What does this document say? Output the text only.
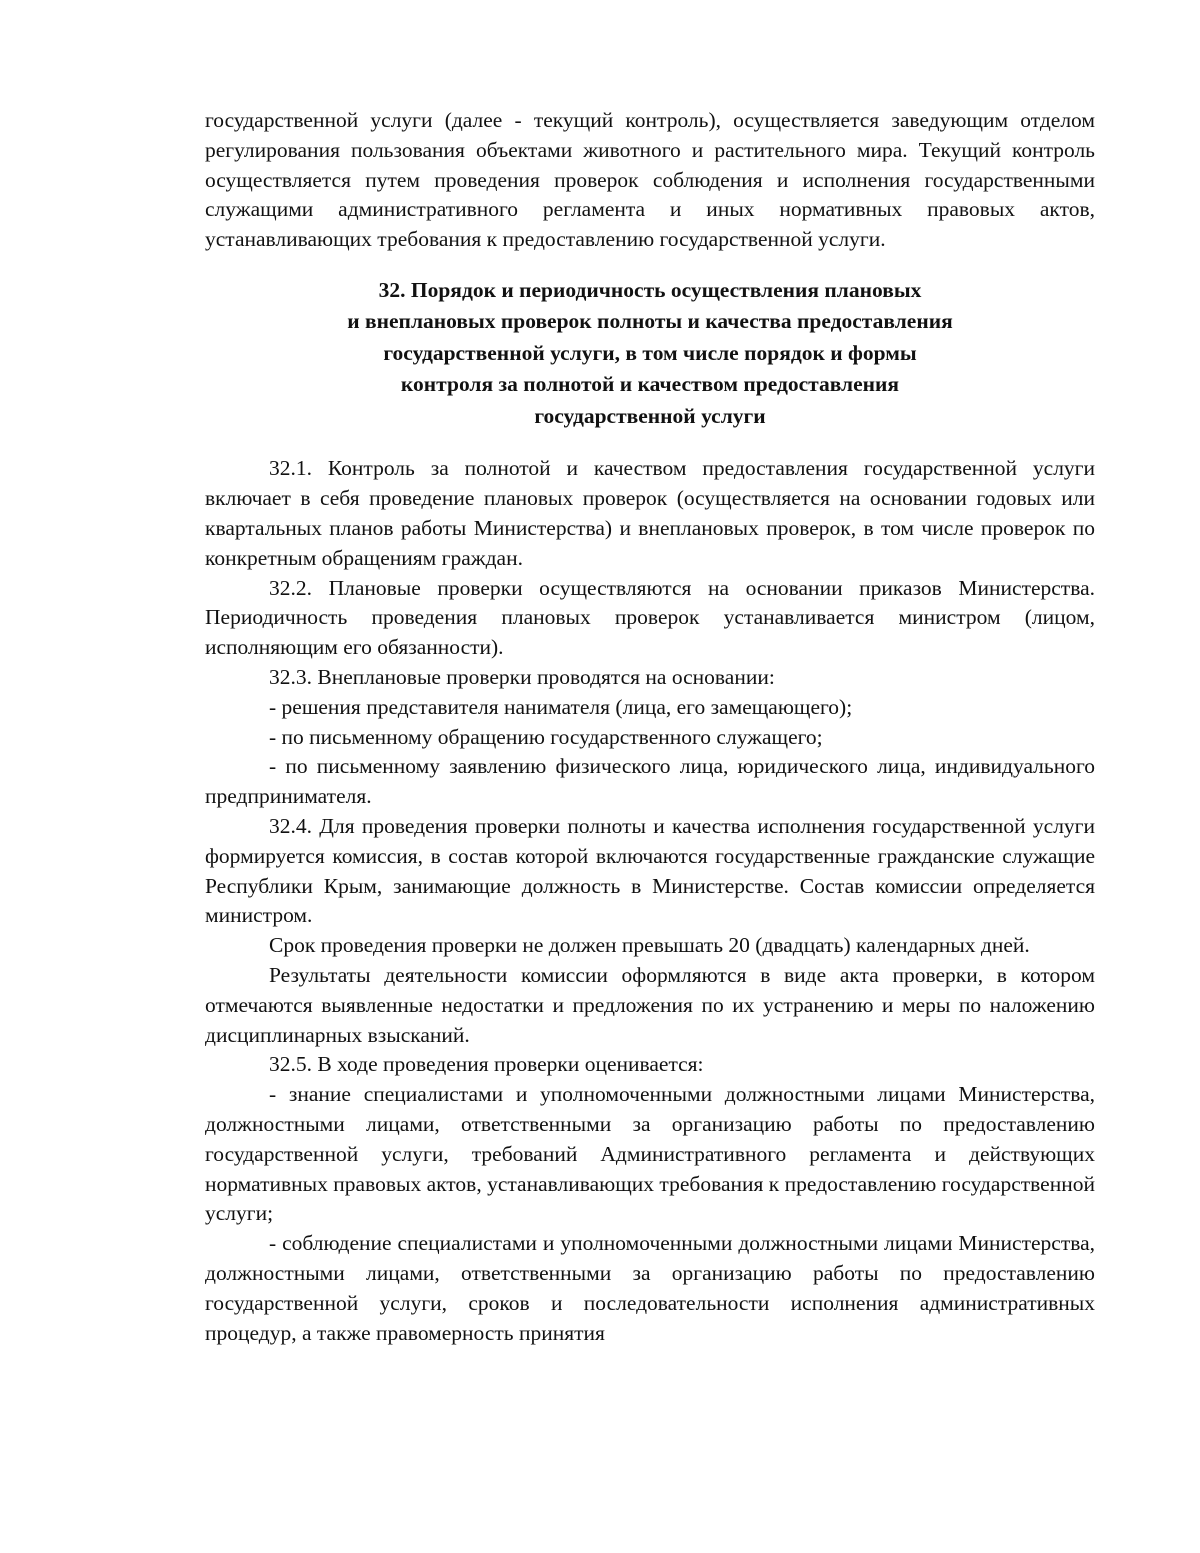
государственной услуги (далее - текущий контроль), осуществляется заведующим отделом регулирования пользования объектами животного и растительного мира. Текущий контроль осуществляется путем проведения проверок соблюдения и исполнения государственными служащими административного регламента и иных нормативных правовых актов, устанавливающих требования к предоставлению государственной услуги.

32. Порядок и периодичность осуществления плановых
и внеплановых проверок полноты и качества предоставления
государственной услуги, в том числе порядок и формы
контроля за полнотой и качеством предоставления
государственной услуги

32.1. Контроль за полнотой и качеством предоставления государственной услуги включает в себя проведение плановых проверок (осуществляется на основании годовых или квартальных планов работы Министерства) и внеплановых проверок, в том числе проверок по конкретным обращениям граждан.

32.2. Плановые проверки осуществляются на основании приказов Министерства. Периодичность проведения плановых проверок устанавливается министром (лицом, исполняющим его обязанности).

32.3. Внеплановые проверки проводятся на основании:

- решения представителя нанимателя (лица, его замещающего);

- по письменному обращению государственного служащего;

- по письменному заявлению физического лица, юридического лица, индивидуального предпринимателя.

32.4. Для проведения проверки полноты и качества исполнения государственной услуги формируется комиссия, в состав которой включаются государственные гражданские служащие Республики Крым, занимающие должность в Министерстве. Состав комиссии определяется министром.

Срок проведения проверки не должен превышать 20 (двадцать) календарных дней.

Результаты деятельности комиссии оформляются в виде акта проверки, в котором отмечаются выявленные недостатки и предложения по их устранению и меры по наложению дисциплинарных взысканий.

32.5. В ходе проведения проверки оценивается:

- знание специалистами и уполномоченными должностными лицами Министерства, должностными лицами, ответственными за организацию работы по предоставлению государственной услуги, требований Административного регламента и действующих нормативных правовых актов, устанавливающих требования к предоставлению государственной услуги;

- соблюдение специалистами и уполномоченными должностными лицами Министерства, должностными лицами, ответственными за организацию работы по предоставлению государственной услуги, сроков и последовательности исполнения административных процедур, а также правомерность принятия
